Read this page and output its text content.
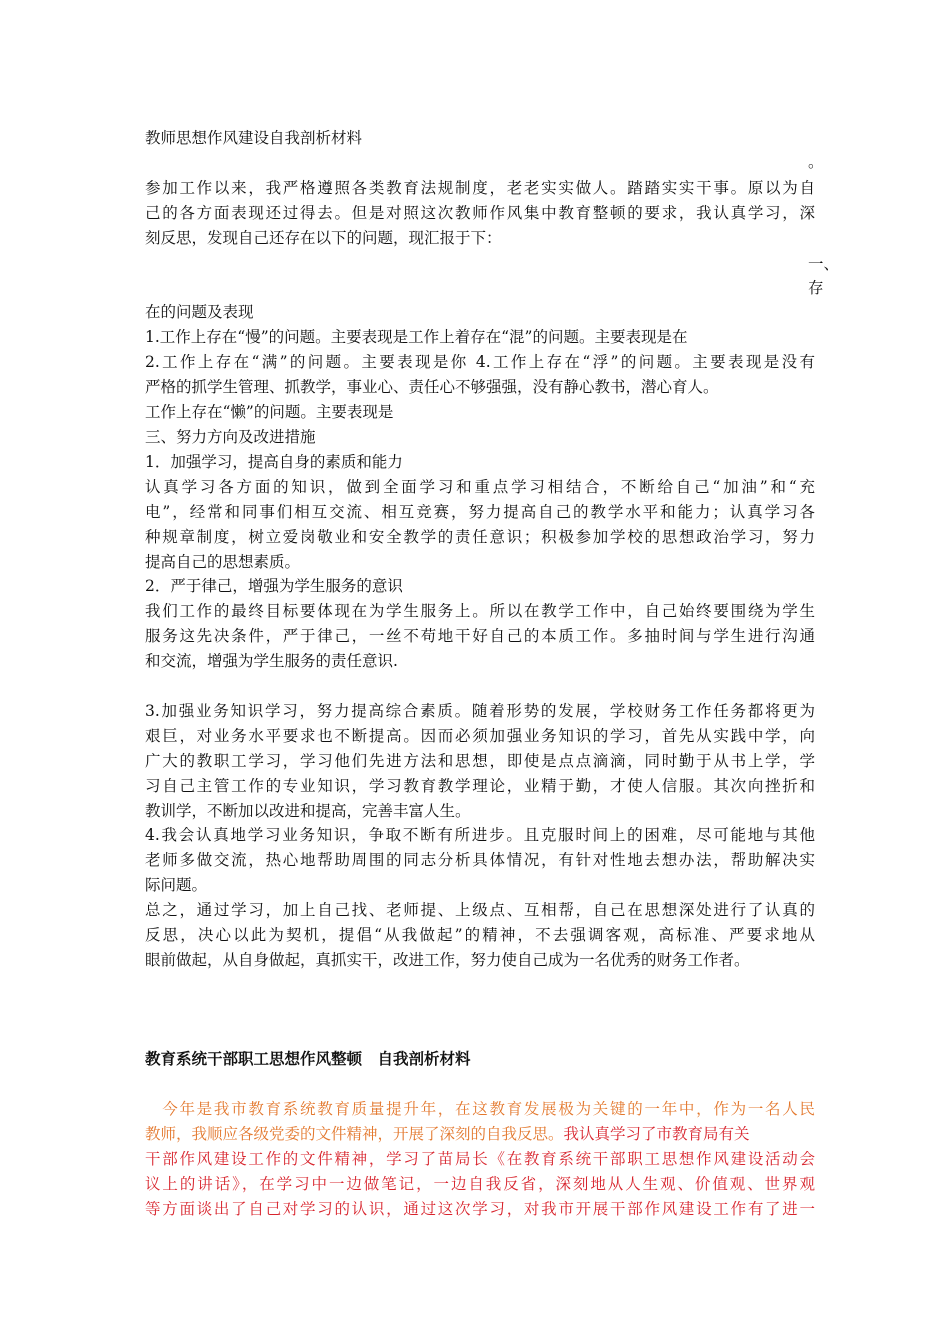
教师思想作风建设自我剖析材料
。
参加工作以来，我严格遵照各类教育法规制度，老老实实做人。踏踏实实干事。原以为自
己的各方面表现还过得去。但是对照这次教师作风集中教育整顿的要求，我认真学习，深
刻反思，发现自己还存在以下的问题，现汇报于下：
一、
存
在的问题及表现
1.工作上存在“慢”的问题。主要表现是工作上着存在“混”的问题。主要表现是在
2.工作上存在“满”的问题。主要表现是你 4.工作上存在“浮”的问题。主要表现是没有
严格的抓学生管理、抓教学，事业心、责任心不够强强，没有静心教书，潜心育人。
工作上存在“懒”的问题。主要表现是
三、努力方向及改进措施
1．加强学习，提高自身的素质和能力
认真学习各方面的知识，做到全面学习和重点学习相结合，不断给自己“加油”和“充
电”，经常和同事们相互交流、相互竞赛，努力提高自己的教学水平和能力；认真学习各
种规章制度，树立爱岗敬业和安全教学的责任意识；积极参加学校的思想政治学习，努力
提高自己的思想素质。
2．严于律己，增强为学生服务的意识
我们工作的最终目标要体现在为学生服务上。所以在教学工作中，自己始终要围绕为学生
服务这先决条件，严于律己，一丝不苟地干好自己的本质工作。多抽时间与学生进行沟通
和交流，增强为学生服务的责任意识.
3.加强业务知识学习，努力提高综合素质。随着形势的发展，学校财务工作任务都将更为
艰巨，对业务水平要求也不断提高。因而必须加强业务知识的学习，首先从实践中学，向
广大的教职工学习，学习他们先进方法和思想，即使是点点滴滴，同时勤于从书上学，学
习自己主管工作的专业知识，学习教育教学理论，业精于勤，才使人信服。其次向挫折和
教训学，不断加以改进和提高，完善丰富人生。
4.我会认真地学习业务知识，争取不断有所进步。且克服时间上的困难，尽可能地与其他
老师多做交流，热心地帮助周围的同志分析具体情况，有针对性地去想办法，帮助解决实
际问题。
总之，通过学习，加上自己找、老师提、上级点、互相帮，自己在思想深处进行了认真的
反思，决心以此为契机，提倡“从我做起”的精神，不去强调客观，高标准、严要求地从
眼前做起，从自身做起，真抓实干，改进工作，努力使自己成为一名优秀的财务工作者。
教育系统干部职工思想作风整顿　自我剖析材料
　今年是我市教育系统教育质量提升年，在这教育发展极为关键的一年中，作为一名人民
教师，我顺应各级党委的文件精神，开展了深刻的自我反思。我认真学习了市教育局有关
干部作风建设工作的文件精神，学习了苗局长《在教育系统干部职工思想作风建设活动会
议上的讲话》，在学习中一边做笔记，一边自我反省，深刻地从人生观、价值观、世界观
等方面谈出了自己对学习的认识，通过这次学习，对我市开展干部作风建设工作有了进一
